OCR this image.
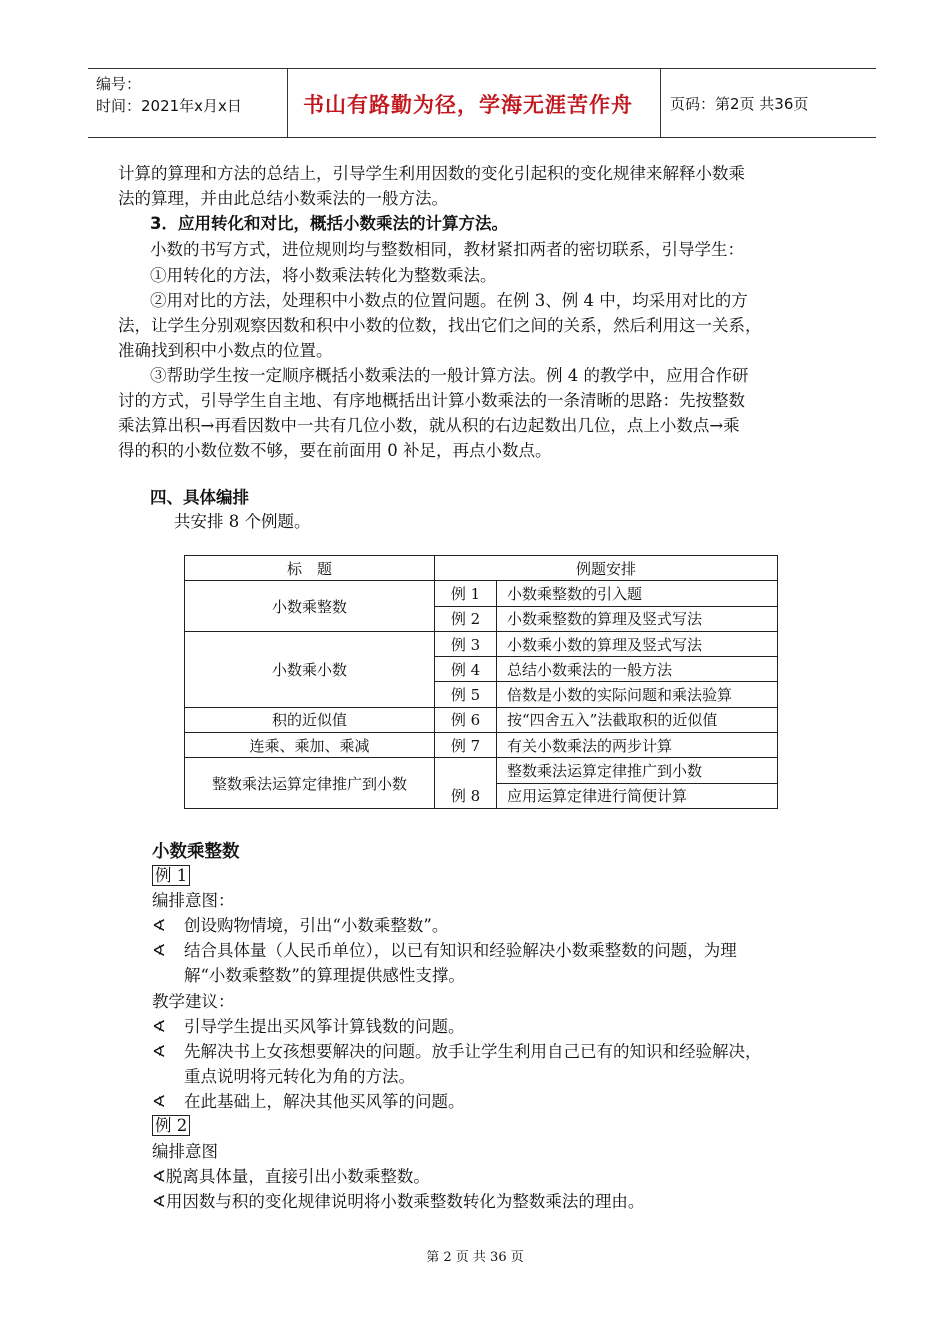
编号：
时间：2021年x月x日	书山有路勤为径，学海无涯苦作舟 页码：第2页 共36页
计算的算理和方法的总结上，引导学生利用因数的变化引起积的变化规律来解释小数乘
法的算理，并由此总结小数乘法的一般方法。
3．应用转化和对比，概括小数乘法的计算方法。
小数的书写方式，进位规则均与整数相同，教材紧扣两者的密切联系，引导学生：
①用转化的方法，将小数乘法转化为整数乘法。
②用对比的方法，处理积中小数点的位置问题。在例 3、例 4 中，均采用对比的方
法，让学生分别观察因数和积中小数的位数，找出它们之间的关系，然后利用这一关系，
准确找到积中小数点的位置。
③帮助学生按一定顺序概括小数乘法的一般计算方法。例 4 的教学中，应用合作研
讨的方式，引导学生自主地、有序地概括出计算小数乘法的一条清晰的思路：先按整数
乘法算出积→再看因数中一共有几位小数，就从积的右边起数出几位，点上小数点→乘
得的积的小数位数不够，要在前面用 0 补足，再点小数点。
四、具体编排
共安排 8 个例题。
标　题	例题安排	
小数乘整数	例 1	小数乘整数的引入题
	例 2	小数乘整数的算理及竖式写法
小数乘小数	例 3	小数乘小数的算理及竖式写法
	例 4	总结小数乘法的一般方法
	例 5	倍数是小数的实际问题和乘法验算
积的近似值	例 6	按“四舍五入”法截取积的近似值
连乘、乘加、乘减	例 7	有关小数乘法的两步计算
整数乘法运算定律推广到小数	例 8	整数乘法运算定律推广到小数
		应用运算定律进行简便计算
小数乘整数
例 1
编排意图：
∢ 创设购物情境，引出“小数乘整数”。
∢ 结合具体量（人民币单位），以已有知识和经验解决小数乘整数的问题，为理
解“小数乘整数”的算理提供感性支撑。
教学建议：
∢ 引导学生提出买风筝计算钱数的问题。
∢ 先解决书上女孩想要解决的问题。放手让学生利用自己已有的知识和经验解决，
重点说明将元转化为角的方法。
∢ 在此基础上，解决其他买风筝的问题。
例 2
编排意图
∢脱离具体量，直接引出小数乘整数。
∢用因数与积的变化规律说明将小数乘整数转化为整数乘法的理由。
第 2 页 共 36 页
